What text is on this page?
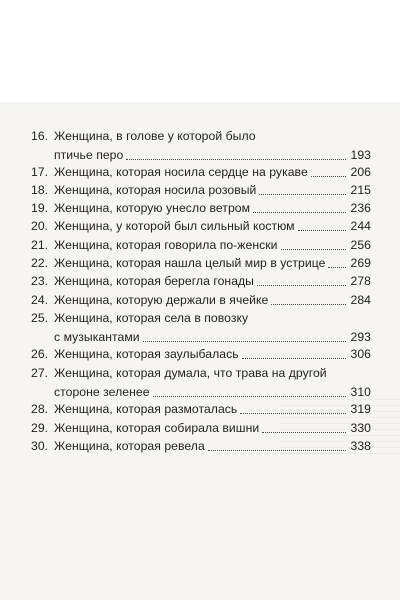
16. Женщина, в голове у которой было
птичье перо	193
17. Женщина, которая носила сердце на рукаве	206
18. Женщина, которая носила розовый	215
19. Женщина, которую унесло ветром	236
20. Женщина, у которой был сильный костюм	244
21. Женщина, которая говорила по-женски	256
22. Женщина, которая нашла целый мир в устрице 269
23. Женщина, которая берегла гонады	278
24. Женщина, которую держали в ячейке	284
25. Женщина, которая села в повозку
с музыкантами	293
26. Женщина, которая заулыбалась	306
27. Женщина, которая думала, что трава на другой
стороне зеленее	310
28. Женщина, которая размоталась	319
29. Женщина, которая собирала вишни	330
30. Женщина, которая ревела	338
